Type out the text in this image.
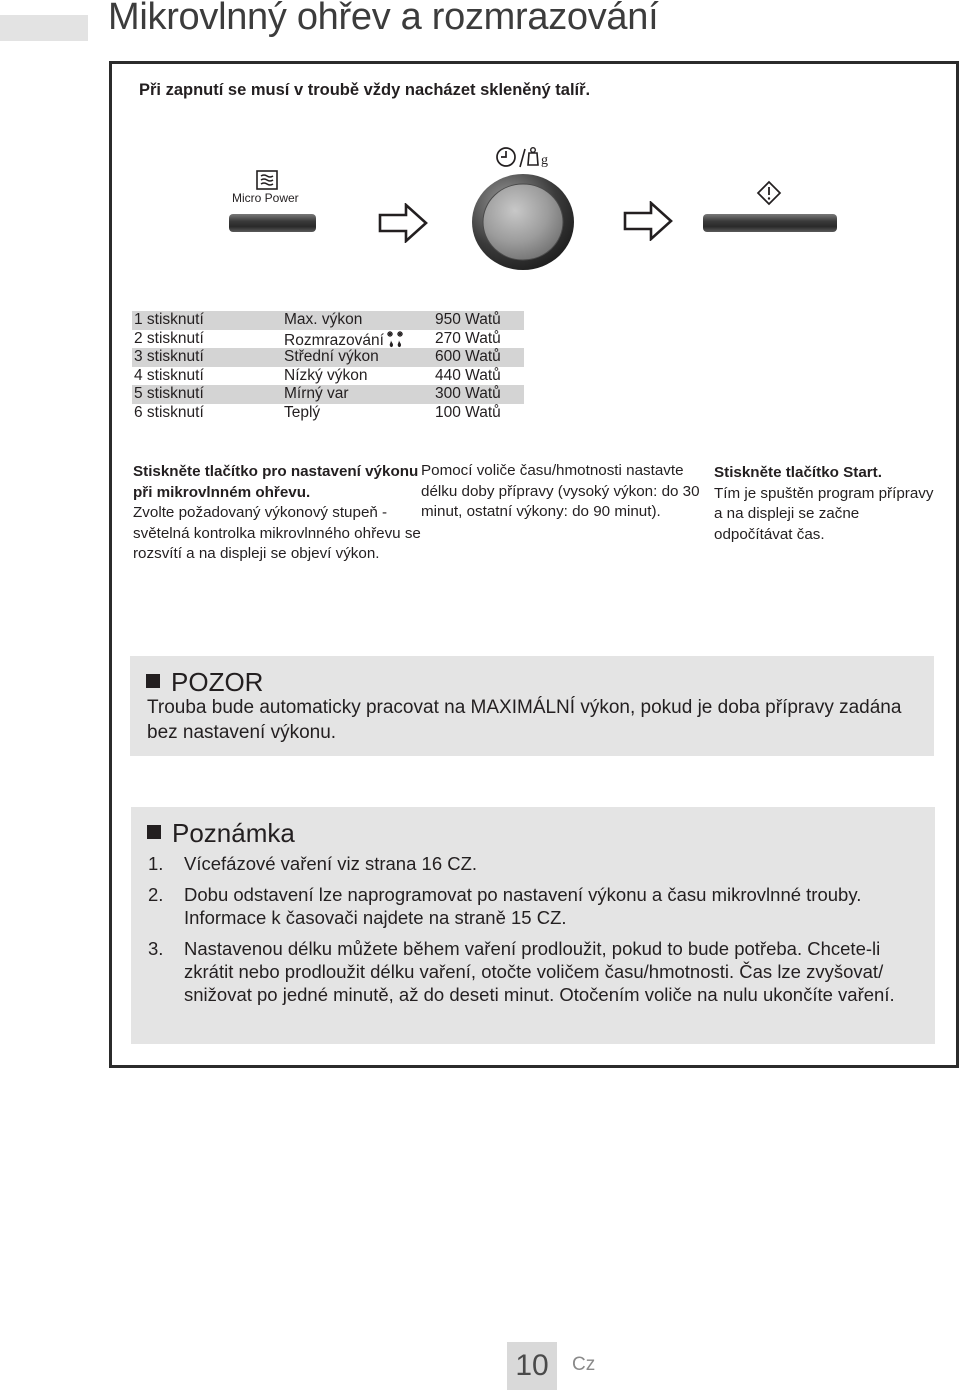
Mikrovlnný ohřev a rozmrazování
Při zapnutí se musí v troubě vždy nacházet skleněný talíř.
Micro Power
g
1 stisknutí	Max. výkon	950 Watů
2 stisknutí	Rozmrazování	270 Watů
3 stisknutí	Střední výkon	600 Watů
4 stisknutí	Nízký výkon	440 Watů
5 stisknutí	Mírný var	300 Watů
6 stisknutí	Teplý	100 Watů
Stiskněte tlačítko pro nastavení výkonu při mikrovlnném ohřevu.
Zvolte požadovaný výkonový stupeň - světelná kontrolka mikrovlnného ohřevu se rozsvítí a na displeji se objeví výkon.
Pomocí voliče času/hmotnosti nastavte délku doby přípravy (vysoký výkon: do 30 minut, ostatní výkony: do 90 minut).
Stiskněte tlačítko Start.
Tím je spuštěn program přípravy a na displeji se začne odpočítávat čas.
POZOR
Trouba bude automaticky pracovat na MAXIMÁLNÍ výkon, pokud je doba přípravy zadána bez nastavení výkonu.
Poznámka
1. Vícefázové vaření viz strana 16 CZ.
2. Dobu odstavení lze naprogramovat po nastavení výkonu a času mikrovlnné trouby. Informace k časovači najdete na straně 15 CZ.
3. Nastavenou délku můžete během vaření prodloužit, pokud to bude potřeba. Chcete-li zkrátit nebo prodloužit délku vaření, otočte voličem času/hmotnosti. Čas lze zvyšovat/ snižovat po jedné minutě, až do deseti minut. Otočením voliče na nulu ukončíte vaření.
10	Cz
